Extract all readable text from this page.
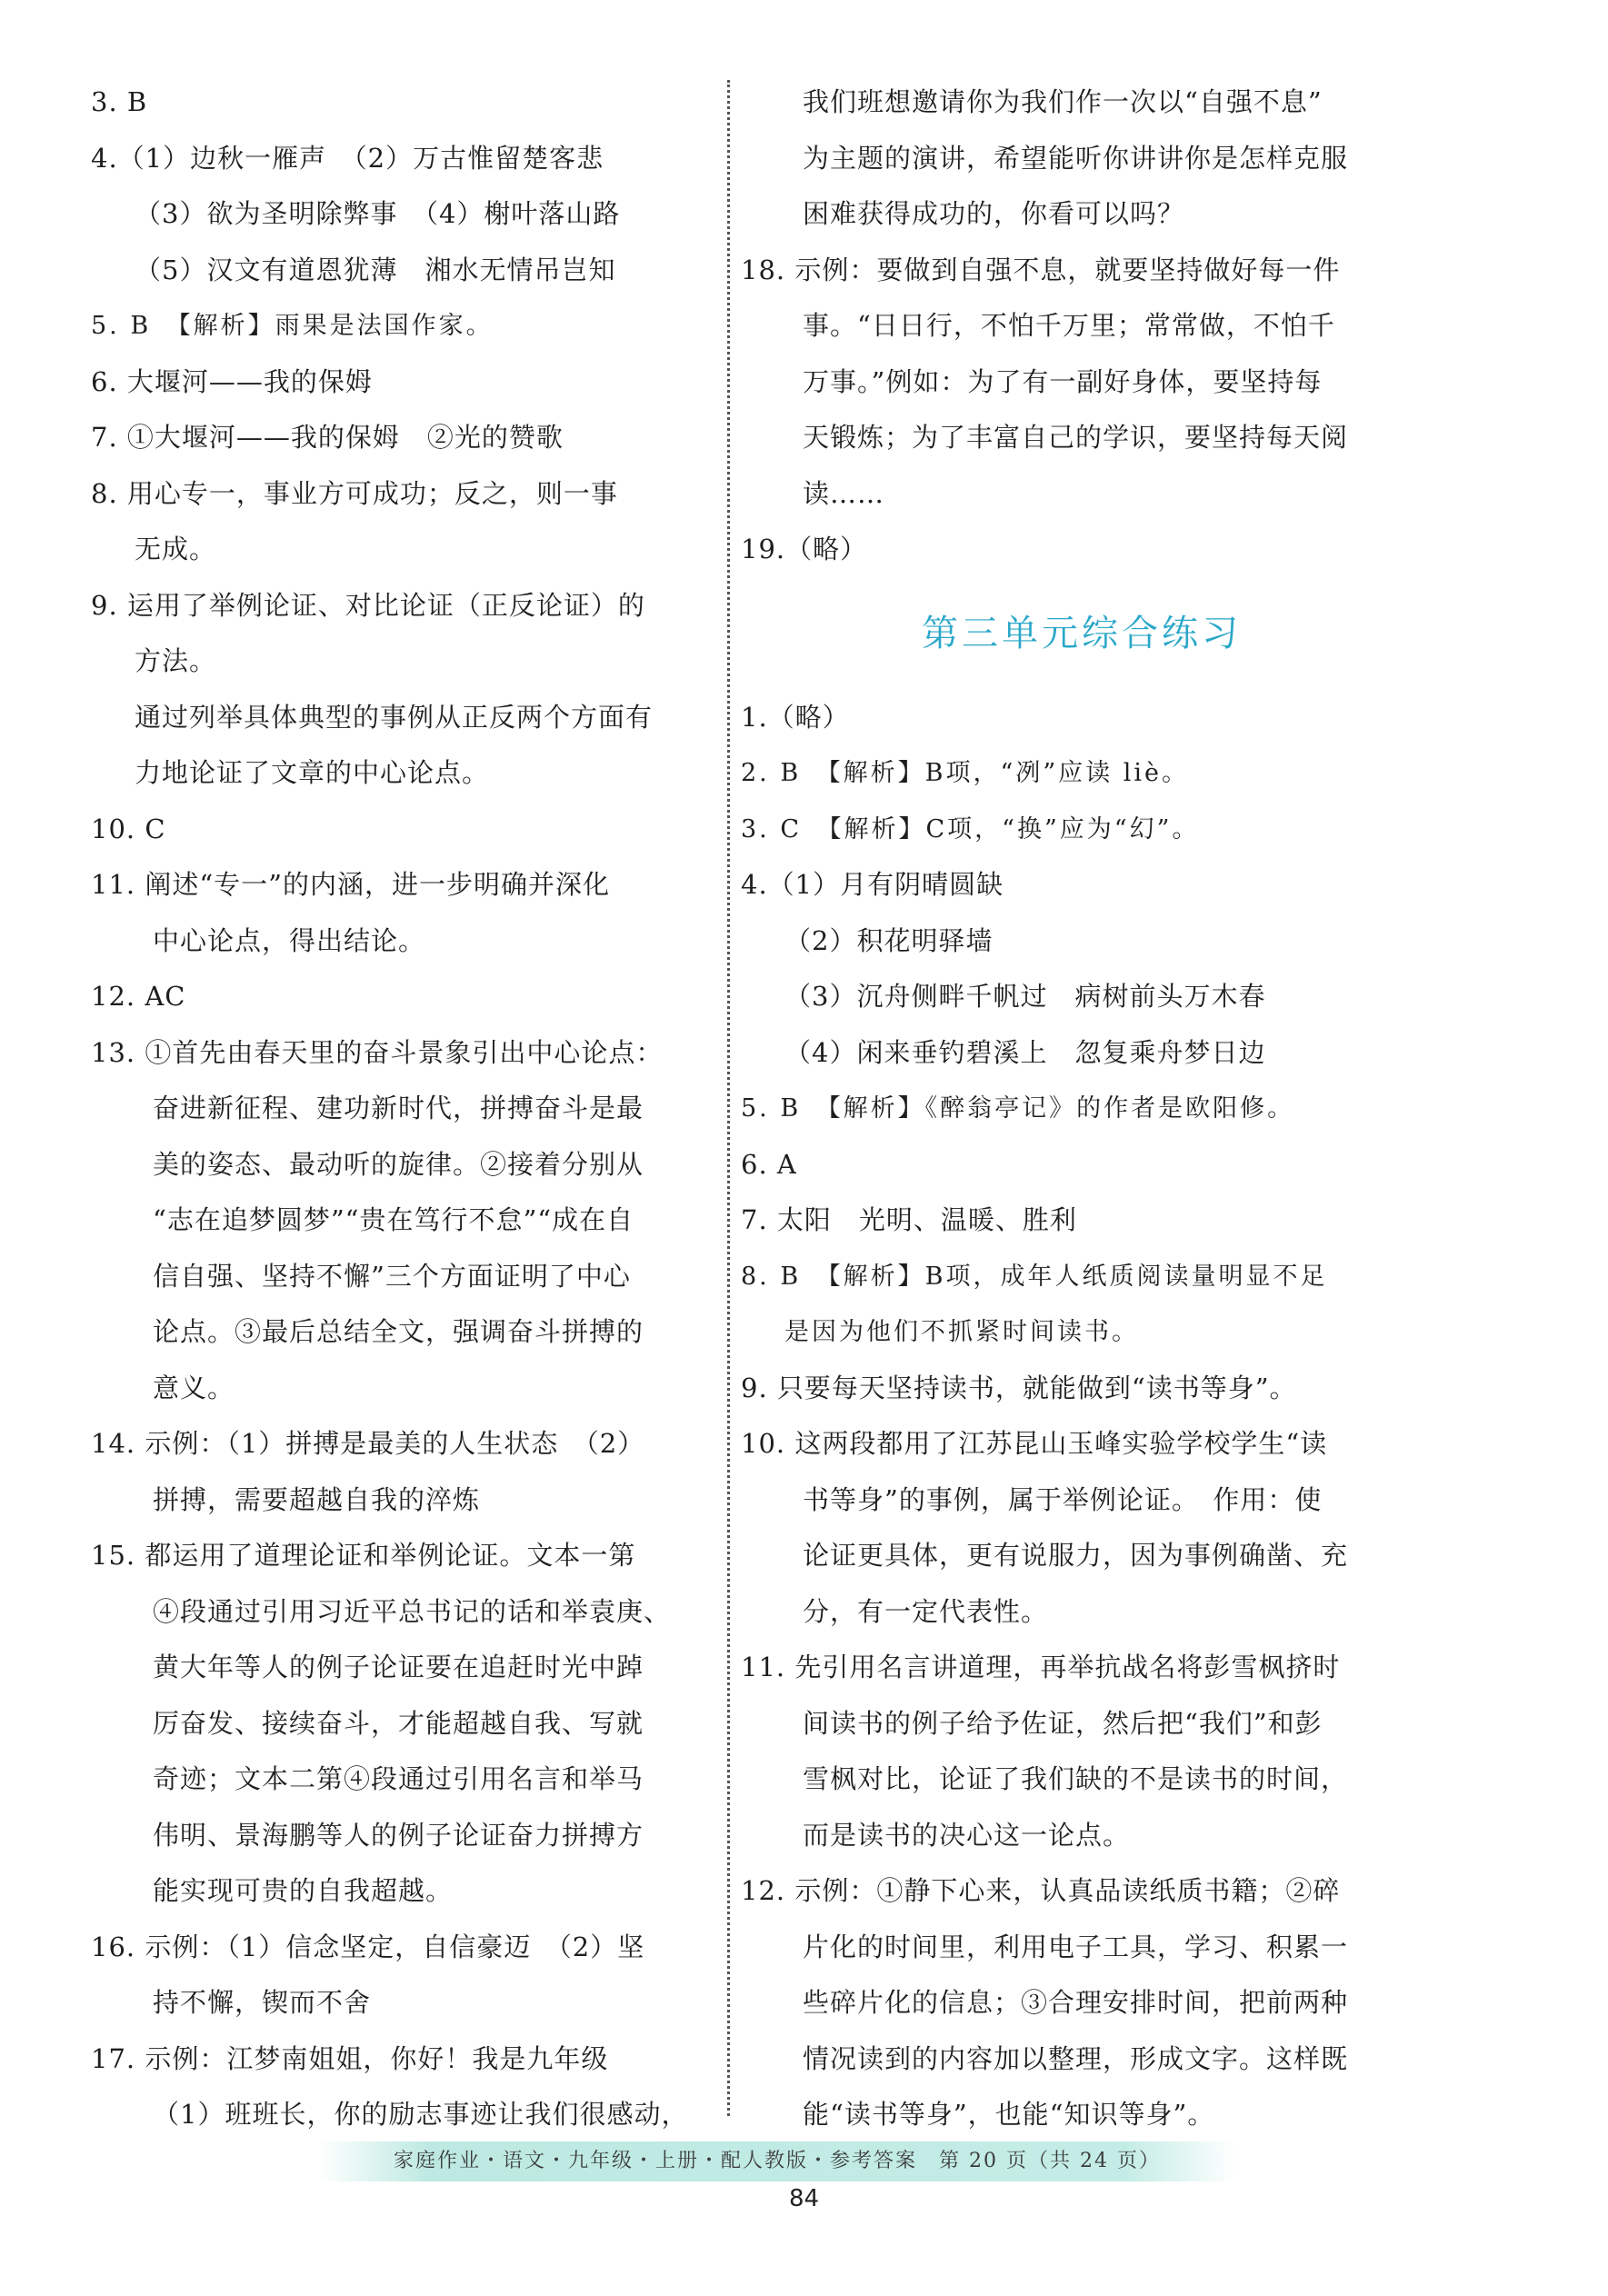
3. B
4.（1）边秋一雁声　（2）万古惟留楚客悲
（3）欲为圣明除弊事　（4）榭叶落山路
（5）汉文有道恩犹薄　湘水无情吊岂知
5. B　【解析】雨果是法国作家。
6. 大堰河——我的保姆
7. ①大堰河——我的保姆　②光的赞歌
8. 用心专一，事业方可成功；反之，则一事
无成。
9. 运用了举例论证、对比论证（正反论证）的
方法。
通过列举具体典型的事例从正反两个方面有
力地论证了文章的中心论点。
10. C
11. 阐述“专一”的内涵，进一步明确并深化
中心论点，得出结论。
12. AC
13. ①首先由春天里的奋斗景象引出中心论点：
奋进新征程、建功新时代，拼搏奋斗是最
美的姿态、最动听的旋律。②接着分别从
“志在追梦圆梦”“贵在笃行不怠”“成在自
信自强、坚持不懈”三个方面证明了中心
论点。③最后总结全文，强调奋斗拼搏的
意义。
14. 示例：（1）拼搏是最美的人生状态　（2）
拼搏，需要超越自我的淬炼
15. 都运用了道理论证和举例论证。文本一第
④段通过引用习近平总书记的话和举袁庚、
黄大年等人的例子论证要在追赶时光中踔
厉奋发、接续奋斗，才能超越自我、写就
奇迹；文本二第④段通过引用名言和举马
伟明、景海鹏等人的例子论证奋力拼搏方
能实现可贵的自我超越。
16. 示例：（1）信念坚定，自信豪迈　（2）坚
持不懈，锲而不舍
17. 示例：江梦南姐姐，你好！我是九年级
（1）班班长，你的励志事迹让我们很感动，
我们班想邀请你为我们作一次以“自强不息”
为主题的演讲，希望能听你讲讲你是怎样克服
困难获得成功的，你看可以吗？
18. 示例：要做到自强不息，就要坚持做好每一件
事。“日日行，不怕千万里；常常做，不怕千
万事。”例如：为了有一副好身体，要坚持每
天锻炼；为了丰富自己的学识，要坚持每天阅
读……
19.（略）
第三单元综合练习
1.（略）
2. B　【解析】B项，“冽”应读 liè。
3. C　【解析】C项，“换”应为“幻”。
4.（1）月有阴晴圆缺
（2）积花明驿墙
（3）沉舟侧畔千帆过　病树前头万木春
（4）闲来垂钓碧溪上　忽复乘舟梦日边
5. B　【解析】《醉翁亭记》的作者是欧阳修。
6. A
7. 太阳　光明、温暖、胜利
8. B　【解析】B项，成年人纸质阅读量明显不足
是因为他们不抓紧时间读书。
9. 只要每天坚持读书，就能做到“读书等身”。
10. 这两段都用了江苏昆山玉峰实验学校学生“读
书等身”的事例，属于举例论证。　作用：使
论证更具体，更有说服力，因为事例确凿、充
分，有一定代表性。
11. 先引用名言讲道理，再举抗战名将彭雪枫挤时
间读书的例子给予佐证，然后把“我们”和彭
雪枫对比，论证了我们缺的不是读书的时间，
而是读书的决心这一论点。
12. 示例：①静下心来，认真品读纸质书籍；②碎
片化的时间里，利用电子工具，学习、积累一
些碎片化的信息；③合理安排时间，把前两种
情况读到的内容加以整理，形成文字。这样既
能“读书等身”，也能“知识等身”。
家庭作业・语文・九年级・上册・配人教版・参考答案　第 20 页（共 24 页）
84
